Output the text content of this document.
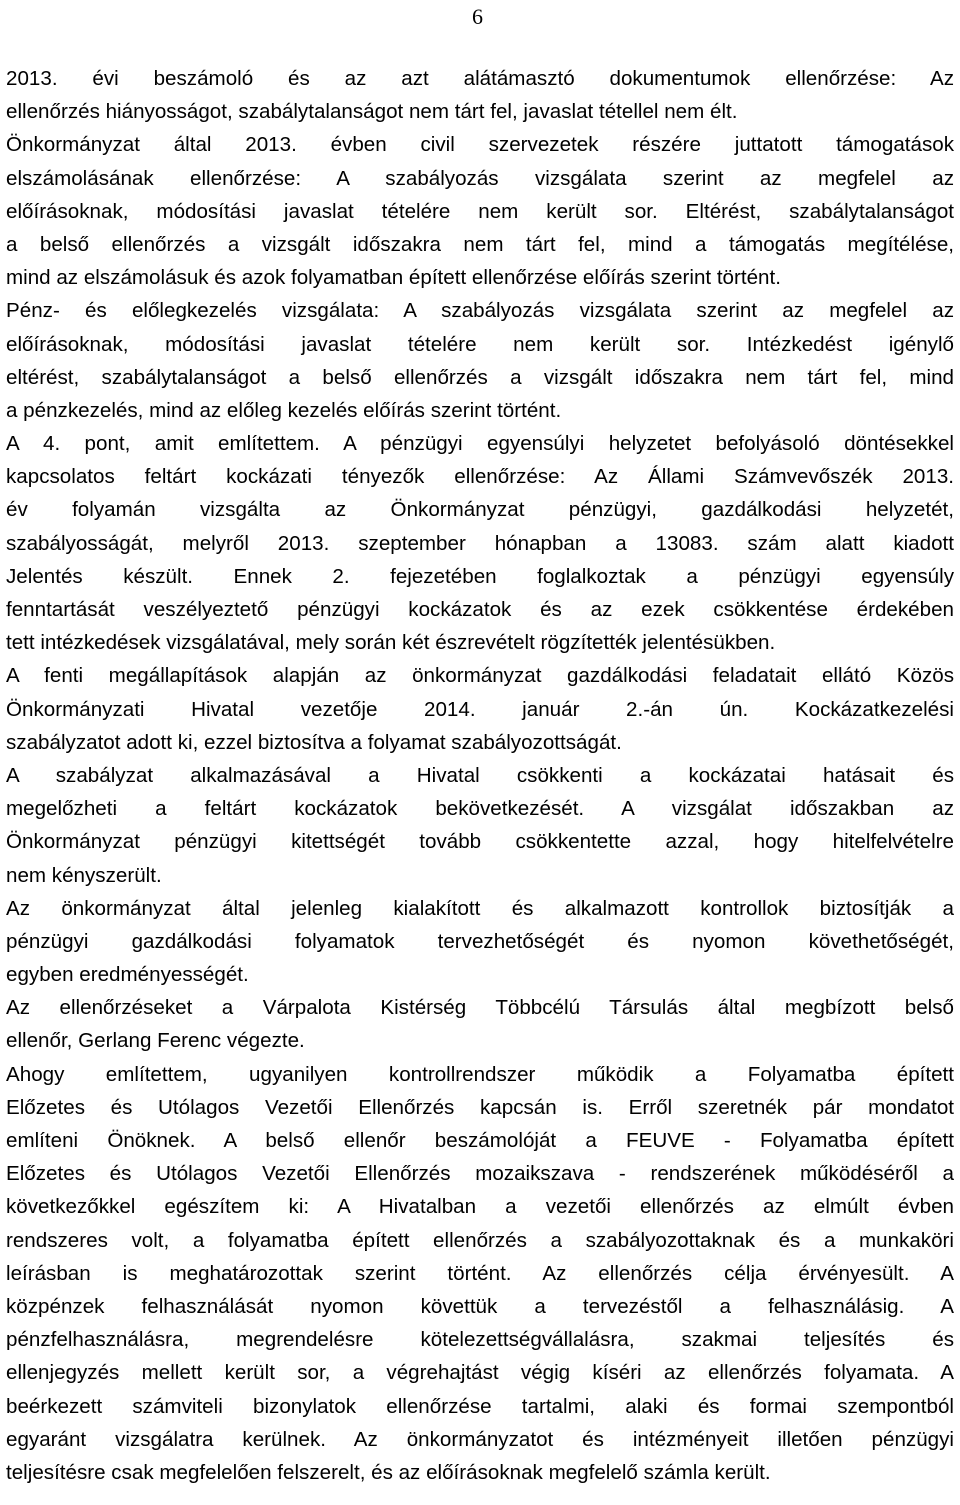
6
2013. évi beszámoló és az azt alátámasztó dokumentumok ellenőrzése: Az
ellenőrzés hiányosságot, szabálytalanságot nem tárt fel, javaslat tétellel nem élt.
Önkormányzat által 2013. évben civil szervezetek részére juttatott támogatások
elszámolásának ellenőrzése: A szabályozás vizsgálata szerint az megfelel az
előírásoknak, módosítási javaslat tételére nem került sor. Eltérést, szabálytalanságot
a belső ellenőrzés a vizsgált időszakra nem tárt fel, mind a támogatás megítélése,
mind az elszámolásuk és azok folyamatban épített ellenőrzése előírás szerint történt.
Pénz- és előlegkezelés vizsgálata: A szabályozás vizsgálata szerint az megfelel az
előírásoknak, módosítási javaslat tételére nem került sor. Intézkedést igénylő
eltérést, szabálytalanságot a belső ellenőrzés a vizsgált időszakra nem tárt fel, mind
a pénzkezelés, mind az előleg kezelés előírás szerint történt.
A 4. pont, amit említettem. A pénzügyi egyensúlyi helyzetet befolyásoló döntésekkel
kapcsolatos feltárt kockázati tényezők ellenőrzése: Az Állami Számvevőszék 2013.
év folyamán vizsgálta az Önkormányzat pénzügyi, gazdálkodási helyzetét,
szabályosságát, melyről 2013. szeptember hónapban a 13083. szám alatt kiadott
Jelentés készült. Ennek 2. fejezetében foglalkoztak a pénzügyi egyensúly
fenntartását veszélyeztető pénzügyi kockázatok és az ezek csökkentése érdekében
tett intézkedések vizsgálatával, mely során két észrevételt rögzítették jelentésükben.
A fenti megállapítások alapján az önkormányzat gazdálkodási feladatait ellátó Közös
Önkormányzati Hivatal vezetője 2014. január 2.-án ún. Kockázatkezelési
szabályzatot adott ki, ezzel biztosítva a folyamat szabályozottságát.
A szabályzat alkalmazásával a Hivatal csökkenti a kockázatai hatásait és
megelőzheti a feltárt kockázatok bekövetkezését. A vizsgálat időszakban az
Önkormányzat pénzügyi kitettségét tovább csökkentette azzal, hogy hitelfelvételre
nem kényszerült.
Az önkormányzat által jelenleg kialakított és alkalmazott kontrollok biztosítják a
pénzügyi gazdálkodási folyamatok tervezhetőségét és nyomon követhetőségét,
egyben eredményességét.
Az ellenőrzéseket a Várpalota Kistérség Többcélú Társulás által megbízott belső
ellenőr, Gerlang Ferenc végezte.
Ahogy említettem, ugyanilyen kontrollrendszer működik a Folyamatba épített
Előzetes és Utólagos Vezetői Ellenőrzés kapcsán is. Erről szeretnék pár mondatot
említeni Önöknek. A belső ellenőr beszámolóját a FEUVE - Folyamatba épített
Előzetes és Utólagos Vezetői Ellenőrzés mozaikszava - rendszerének működéséről a
következőkkel egészítem ki: A Hivatalban a vezetői ellenőrzés az elmúlt évben
rendszeres volt, a folyamatba épített ellenőrzés a szabályozottaknak és a munkaköri
leírásban is meghatározottak szerint történt. Az ellenőrzés célja érvényesült. A
közpénzek felhasználását nyomon követtük a tervezéstől a felhasználásig. A
pénzfelhasználásra, megrendelésre kötelezettségvállalásra, szakmai teljesítés és
ellenjegyzés mellett került sor, a végrehajtást végig kíséri az ellenőrzés folyamata. A
beérkezett számviteli bizonylatok ellenőrzése tartalmi, alaki és formai szempontból
egyaránt vizsgálatra kerülnek. Az önkormányzatot és intézményeit illetően pénzügyi
teljesítésre csak megfelelően felszerelt, és az előírásoknak megfelelő számla került.
